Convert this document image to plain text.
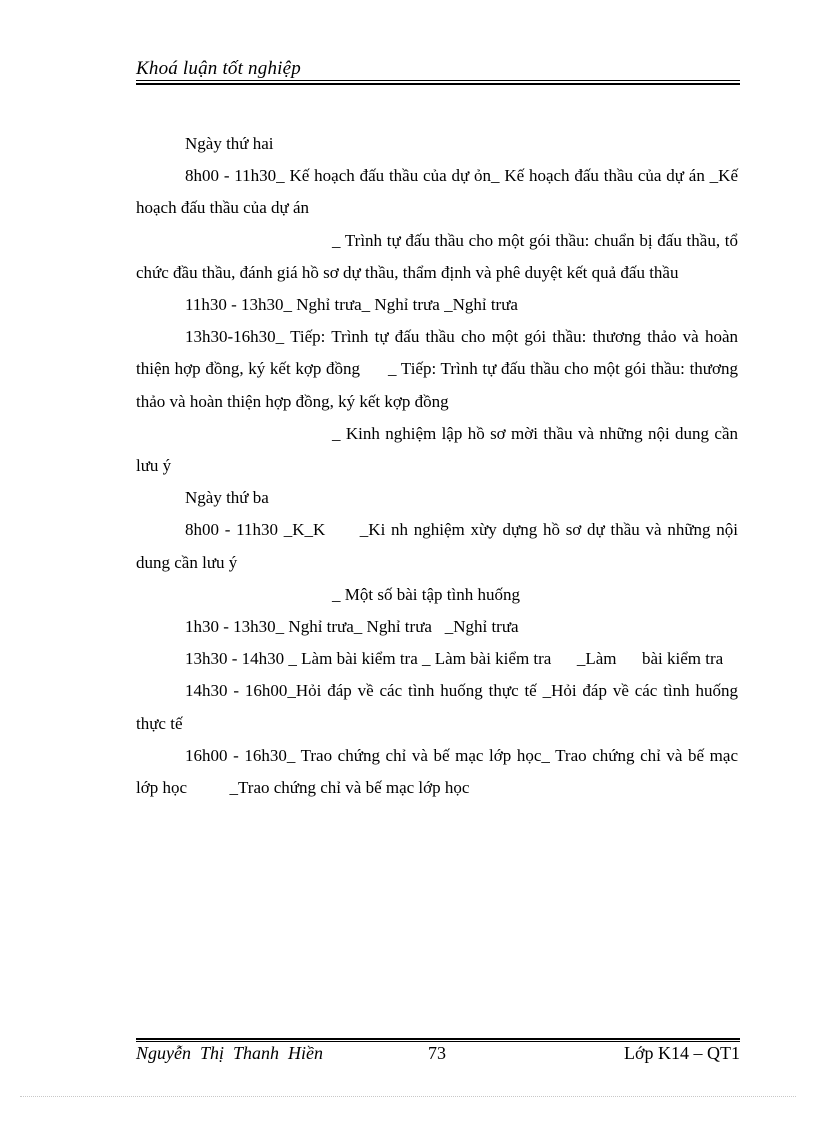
Khoá luận tốt nghiệp

Ngày thứ hai

8h00 - 11h30_ Kế hoạch đấu thầu của dự ỏn_ Kế hoạch đấu thầu của dự án _Kế hoạch đấu thầu của dự án

_ Trình tự đấu thầu cho một gói thầu: chuẩn bị đấu thầu, tổ chức đầu thầu, đánh giá hồ sơ dự thầu, thẩm định và phê duyệt kết quả đấu thầu

11h30 - 13h30_ Nghỉ trưa_ Nghỉ trưa _Nghỉ trưa

13h30-16h30_ Tiếp: Trình tự đấu thầu cho một gói thầu: thương thảo và hoàn thiện hợp đồng, ký kết kợp đồng      _ Tiếp: Trình tự đấu thầu cho một gói thầu: thương thảo và hoàn thiện hợp đồng, ký kết kợp đồng

_ Kinh nghiệm lập hồ sơ mời thầu và những nội dung cần lưu ý

Ngày thứ ba

8h00 - 11h30 _K_K      _Ki nh nghiệm xừy dựng hồ sơ dự thầu và những nội dung cần lưu ý

_ Một số bài tập tình huống

1h30 - 13h30_ Nghỉ trưa_ Nghỉ trưa   _Nghỉ trưa

13h30 - 14h30 _ Làm bài kiểm tra _ Làm bài kiểm tra      _Làm      bài kiểm tra

14h30 - 16h00_Hỏi đáp về các tình huống thực tế _Hỏi đáp về các tình huống thực tế

16h00 - 16h30_ Trao chứng chỉ và bế mạc lớp học_ Trao chứng chỉ và bế mạc lớp học          _Trao chứng chỉ và bế mạc lớp học

Nguyễn  Thị  Thanh  Hiền	73	Lớp K14 – QT1
